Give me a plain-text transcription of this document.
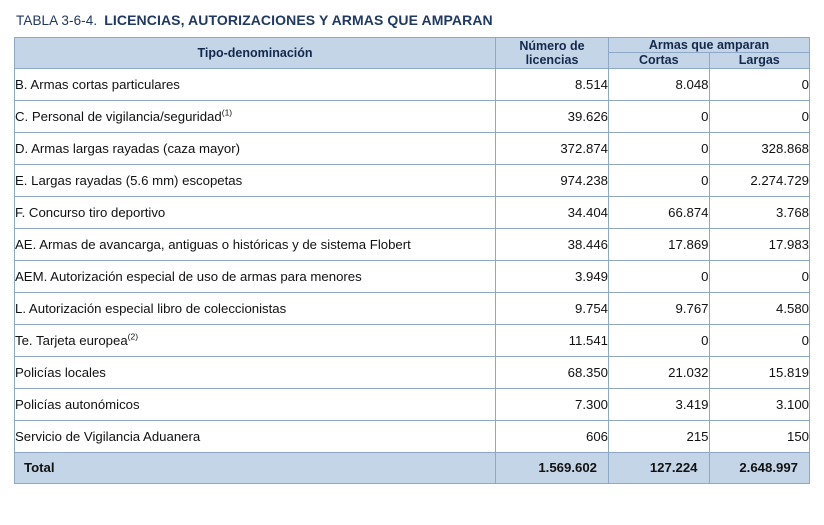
TABLA 3-6-4. LICENCIAS, AUTORIZACIONES Y ARMAS QUE AMPARAN
Tipo-denominación	Número de licencias	Armas que amparan	
		Cortas	Largas
B. Armas cortas particulares	8.514	8.048	0
C. Personal de vigilancia/seguridad$^{(1)}$	39.626	0	0
D. Armas largas rayadas (caza mayor)	372.874	0	328.868
E. Largas rayadas (5.6 mm) escopetas	974.238	0	2.274.729
F. Concurso tiro deportivo	34.404	66.874	3.768
AE. Armas de avancarga, antiguas o históricas y de sistema Flobert	38.446	17.869	17.983
AEM. Autorización especial de uso de armas para menores	3.949	0	0
L. Autorización especial libro de coleccionistas	9.754	9.767	4.580
Te. Tarjeta europea$^{(2)}$	11.541	0	0
Policías locales	68.350	21.032	15.819
Policías autonómicos	7.300	3.419	3.100
Servicio de Vigilancia Aduanera	606	215	150
Total	1.569.602	127.224	2.648.997
